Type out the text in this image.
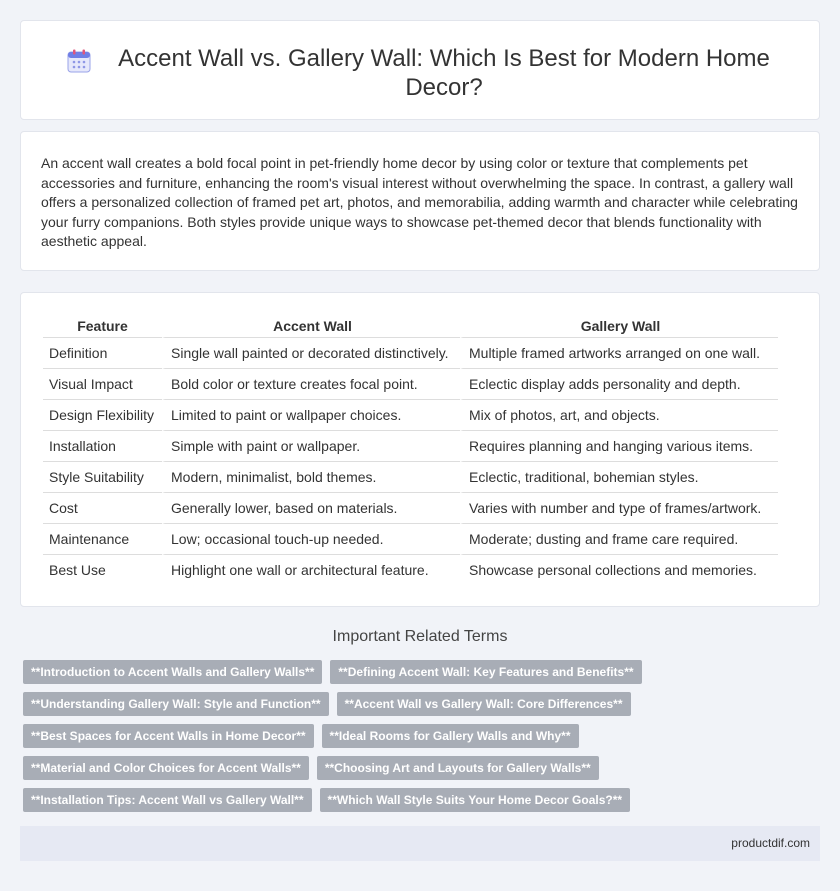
Accent Wall vs. Gallery Wall: Which Is Best for Modern Home Decor?

An accent wall creates a bold focal point in pet-friendly home decor by using color or texture that complements pet accessories and furniture, enhancing the room's visual interest without overwhelming the space. In contrast, a gallery wall offers a personalized collection of framed pet art, photos, and memorabilia, adding warmth and character while celebrating your furry companions. Both styles provide unique ways to showcase pet-themed decor that blends functionality with aesthetic appeal.

Feature	Accent Wall	Gallery Wall
Definition	Single wall painted or decorated distinctively.	Multiple framed artworks arranged on one wall.
Visual Impact	Bold color or texture creates focal point.	Eclectic display adds personality and depth.
Design Flexibility	Limited to paint or wallpaper choices.	Mix of photos, art, and objects.
Installation	Simple with paint or wallpaper.	Requires planning and hanging various items.
Style Suitability	Modern, minimalist, bold themes.	Eclectic, traditional, bohemian styles.
Cost	Generally lower, based on materials.	Varies with number and type of frames/artwork.
Maintenance	Low; occasional touch-up needed.	Moderate; dusting and frame care required.
Best Use	Highlight one wall or architectural feature.	Showcase personal collections and memories.
Important Related Terms
**Introduction to Accent Walls and Gallery Walls**	**Defining Accent Wall: Key Features and Benefits**
**Understanding Gallery Wall: Style and Function**	**Accent Wall vs Gallery Wall: Core Differences**
**Best Spaces for Accent Walls in Home Decor**	**Ideal Rooms for Gallery Walls and Why**
**Material and Color Choices for Accent Walls**	**Choosing Art and Layouts for Gallery Walls**
**Installation Tips: Accent Wall vs Gallery Wall**	**Which Wall Style Suits Your Home Decor Goals?**
productdif.com
